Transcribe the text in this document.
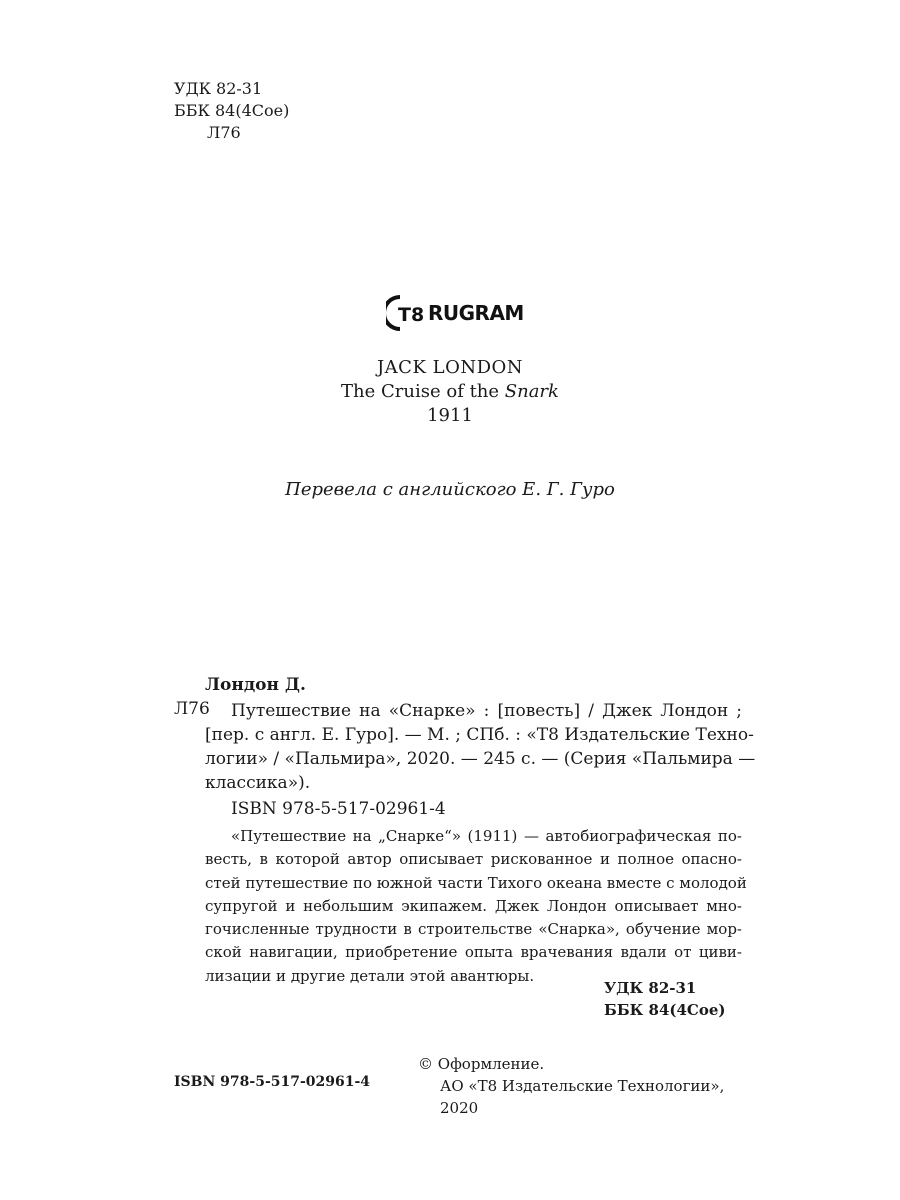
УДК 82-31
ББК 84(4Сое)
Л76
T8 RUGRAM
JACK LONDON
The Cruise of the Snark
1911
Перевела с английского Е. Г. Гуро
Лондон Д.
Л76	Путешествие на «Снарке» : [повесть] / Джек Лондон ;
[пер. с англ. Е. Гуро]. — М. ; СПб. : «Т8 Издательские Техно-
логии» / «Пальмира», 2020. — 245 с. — (Серия «Пальмира —
классика»).
ISBN 978-5-517-02961-4
«Путешествие на „Снарке“» (1911) — автобиографическая по-
весть, в которой автор описывает рискованное и полное опасно-
стей путешествие по южной части Тихого океана вместе с молодой
супругой и небольшим экипажем. Джек Лондон описывает мно-
гочисленные трудности в строительстве «Снарка», обучение мор-
ской навигации, приобретение опыта врачевания вдали от циви-
лизации и другие детали этой авантюры.
УДК 82-31
ББК 84(4Сое)
ISBN 978-5-517-02961-4
© Оформление.
АО «Т8 Издательские Технологии», 2020
